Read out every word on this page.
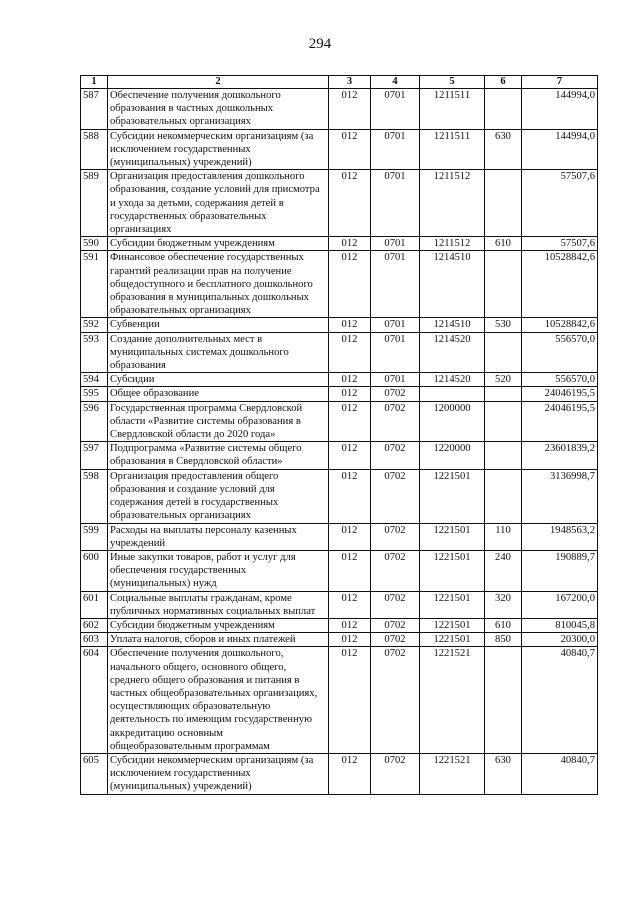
294
1	2	3	4	5	6	7
587	Обеспечение получения дошкольного образования в частных дошкольных образовательных организациях	012	0701	1211511		144994,0
588	Субсидии некоммерческим организациям (за исключением государственных (муниципальных) учреждений)	012	0701	1211511	630	144994,0
589	Организация предоставления дошкольного образования, создание условий для присмотра и ухода за детьми, содержания детей в государственных образовательных организациях	012	0701	1211512		57507,6
590	Субсидии бюджетным учреждениям	012	0701	1211512	610	57507,6
591	Финансовое обеспечение государственных гарантий реализации прав на получение общедоступного и бесплатного дошкольного образования в муниципальных дошкольных образовательных организациях	012	0701	1214510		10528842,6
592	Субвенции	012	0701	1214510	530	10528842,6
593	Создание дополнительных мест в муниципальных системах дошкольного образования	012	0701	1214520		556570,0
594	Субсидии	012	0701	1214520	520	556570,0
595	Общее образование	012	0702			24046195,5
596	Государственная программа Свердловской области «Развитие системы образования в Свердловской области до 2020 года»	012	0702	1200000		24046195,5
597	Подпрограмма «Развитие системы общего образования в Свердловской области»	012	0702	1220000		23601839,2
598	Организация предоставления общего образования и создание условий для содержания детей в государственных образовательных организациях	012	0702	1221501		3136998,7
599	Расходы на выплаты персоналу казенных учреждений	012	0702	1221501	110	1948563,2
600	Иные закупки товаров, работ и услуг для обеспечения государственных (муниципальных) нужд	012	0702	1221501	240	190889,7
601	Социальные выплаты гражданам, кроме публичных нормативных социальных выплат	012	0702	1221501	320	167200,0
602	Субсидии бюджетным учреждениям	012	0702	1221501	610	810045,8
603	Уплата налогов, сборов и иных платежей	012	0702	1221501	850	20300,0
604	Обеспечение получения дошкольного, начального общего, основного общего, среднего общего образования и питания в частных общеобразовательных организациях, осуществляющих образовательную деятельность по имеющим государственную аккредитацию основным общеобразовательным программам	012	0702	1221521		40840,7
605	Субсидии некоммерческим организациям (за исключением государственных (муниципальных) учреждений)	012	0702	1221521	630	40840,7
